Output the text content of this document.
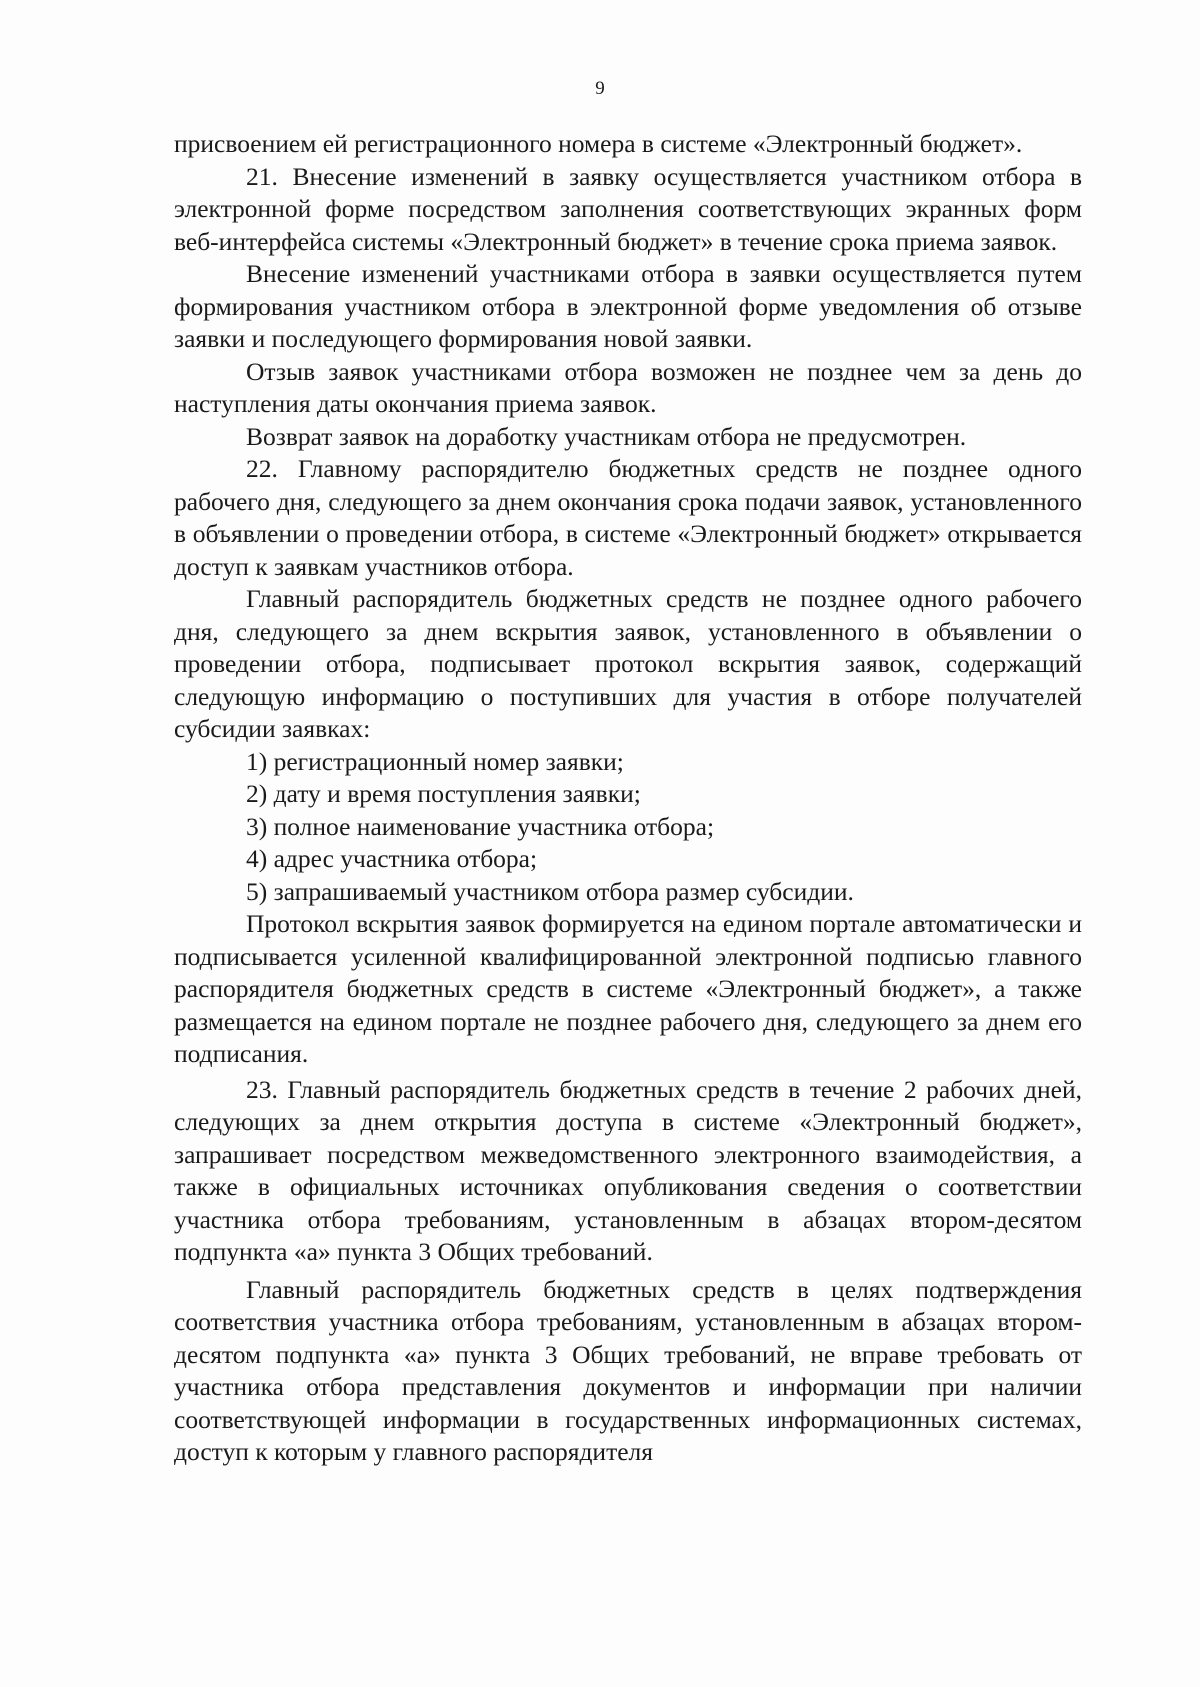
9

присвоением ей регистрационного номера в системе «Электронный бюджет».

21. Внесение изменений в заявку осуществляется участником отбора в электронной форме посредством заполнения соответствующих экранных форм веб-интерфейса системы «Электронный бюджет» в течение срока приема заявок.

Внесение изменений участниками отбора в заявки осуществляется путем формирования участником отбора в электронной форме уведомления об отзыве заявки и последующего формирования новой заявки.

Отзыв заявок участниками отбора возможен не позднее чем за день до наступления даты окончания приема заявок.

Возврат заявок на доработку участникам отбора не предусмотрен.

22. Главному распорядителю бюджетных средств не позднее одного рабочего дня, следующего за днем окончания срока подачи заявок, установленного в объявлении о проведении отбора, в системе «Электронный бюджет» открывается доступ к заявкам участников отбора.

Главный распорядитель бюджетных средств не позднее одного рабочего дня, следующего за днем вскрытия заявок, установленного в объявлении о проведении отбора, подписывает протокол вскрытия заявок, содержащий следующую информацию о поступивших для участия в отборе получателей субсидии заявках:

1) регистрационный номер заявки;

2) дату и время поступления заявки;

3) полное наименование участника отбора;

4) адрес участника отбора;

5) запрашиваемый участником отбора размер субсидии.

Протокол вскрытия заявок формируется на едином портале автоматически и подписывается усиленной квалифицированной электронной подписью главного распорядителя бюджетных средств в системе «Электронный бюджет», а также размещается на едином портале не позднее рабочего дня, следующего за днем его подписания.

23. Главный распорядитель бюджетных средств в течение 2 рабочих дней, следующих за днем открытия доступа в системе «Электронный бюджет», запрашивает посредством межведомственного электронного взаимодействия, а также в официальных источниках опубликования сведения о соответствии участника отбора требованиям, установленным в абзацах втором-десятом подпункта «а» пункта 3 Общих требований.

Главный распорядитель бюджетных средств в целях подтверждения соответствия участника отбора требованиям, установленным в абзацах втором-десятом подпункта «а» пункта 3 Общих требований, не вправе требовать от участника отбора представления документов и информации при наличии соответствующей информации в государственных информационных системах, доступ к которым у главного распорядителя
